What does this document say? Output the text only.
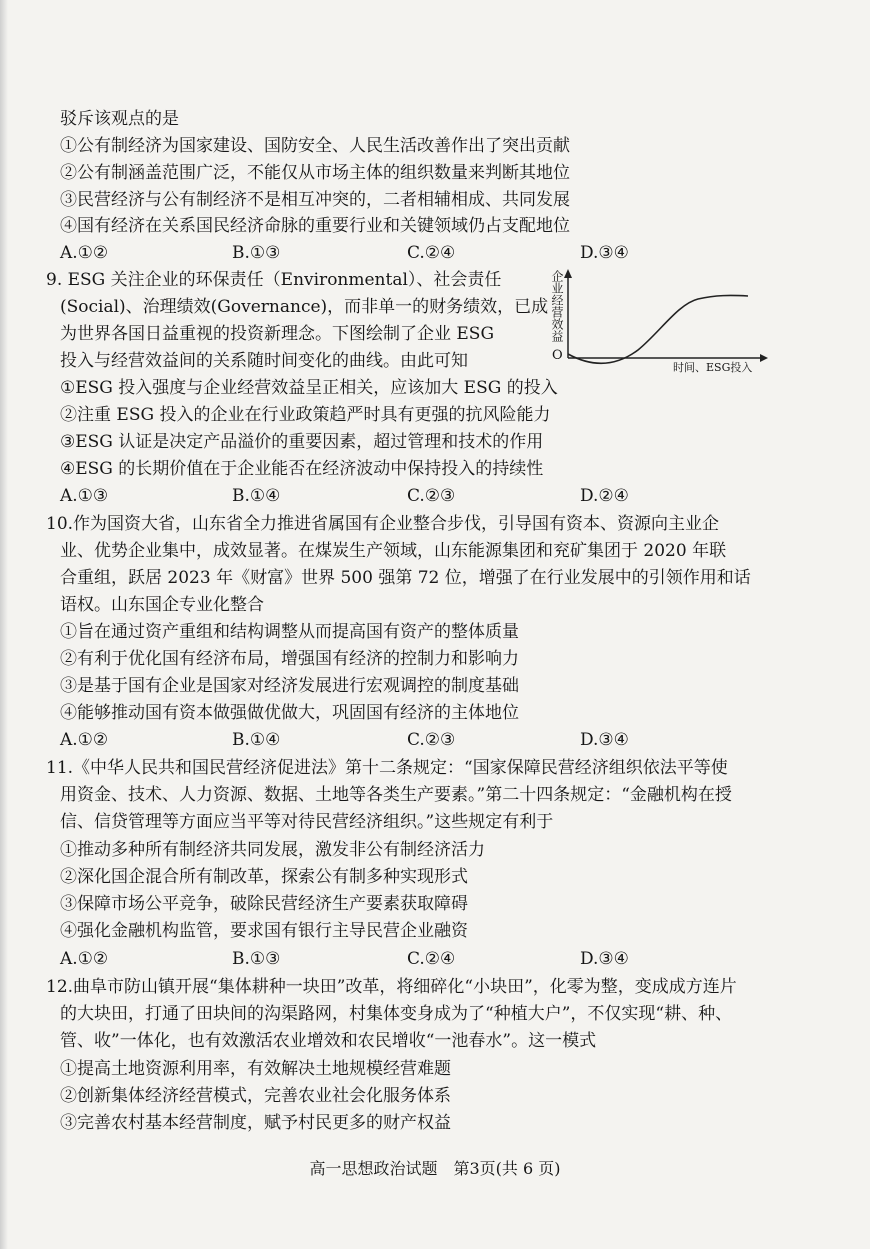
驳斥该观点的是
①公有制经济为国家建设、国防安全、人民生活改善作出了突出贡献
②公有制涵盖范围广泛，不能仅从市场主体的组织数量来判断其地位
③民营经济与公有制经济不是相互冲突的，二者相辅相成、共同发展
④国有经济在关系国民经济命脉的重要行业和关键领域仍占支配地位
A.①②	B.①③	C.②④	D.③④
9. ESG 关注企业的环保责任（Environmental）、社会责任
(Social)、治理绩效(Governance)，而非单一的财务绩效，已成
为世界各国日益重视的投资新理念。下图绘制了企业 ESG
投入与经营效益间的关系随时间变化的曲线。由此可知
企业经营效益
O
时间、ESG投入
①ESG 投入强度与企业经营效益呈正相关，应该加大 ESG 的投入
②注重 ESG 投入的企业在行业政策趋严时具有更强的抗风险能力
③ESG 认证是决定产品溢价的重要因素，超过管理和技术的作用
④ESG 的长期价值在于企业能否在经济波动中保持投入的持续性
A.①③	B.①④	C.②③	D.②④
10.作为国资大省，山东省全力推进省属国有企业整合步伐，引导国有资本、资源向主业企
业、优势企业集中，成效显著。在煤炭生产领域，山东能源集团和兖矿集团于 2020 年联
合重组，跃居 2023 年《财富》世界 500 强第 72 位，增强了在行业发展中的引领作用和话
语权。山东国企专业化整合
①旨在通过资产重组和结构调整从而提高国有资产的整体质量
②有利于优化国有经济布局，增强国有经济的控制力和影响力
③是基于国有企业是国家对经济发展进行宏观调控的制度基础
④能够推动国有资本做强做优做大，巩固国有经济的主体地位
A.①②	B.①④	C.②③	D.③④
11.《中华人民共和国民营经济促进法》第十二条规定：“国家保障民营经济组织依法平等使
用资金、技术、人力资源、数据、土地等各类生产要素。”第二十四条规定：“金融机构在授
信、信贷管理等方面应当平等对待民营经济组织。”这些规定有利于
①推动多种所有制经济共同发展，激发非公有制经济活力
②深化国企混合所有制改革，探索公有制多种实现形式
③保障市场公平竞争，破除民营经济生产要素获取障碍
④强化金融机构监管，要求国有银行主导民营企业融资
A.①②	B.①③	C.②④	D.③④
12.曲阜市防山镇开展“集体耕种一块田”改革，将细碎化“小块田”，化零为整，变成成方连片
的大块田，打通了田块间的沟渠路网，村集体变身成为了“种植大户”，不仅实现“耕、种、
管、收”一体化，也有效激活农业增效和农民增收“一池春水”。这一模式
①提高土地资源利用率，有效解决土地规模经营难题
②创新集体经济经营模式，完善农业社会化服务体系
③完善农村基本经营制度，赋予村民更多的财产权益
高一思想政治试题　第3页(共 6 页)
